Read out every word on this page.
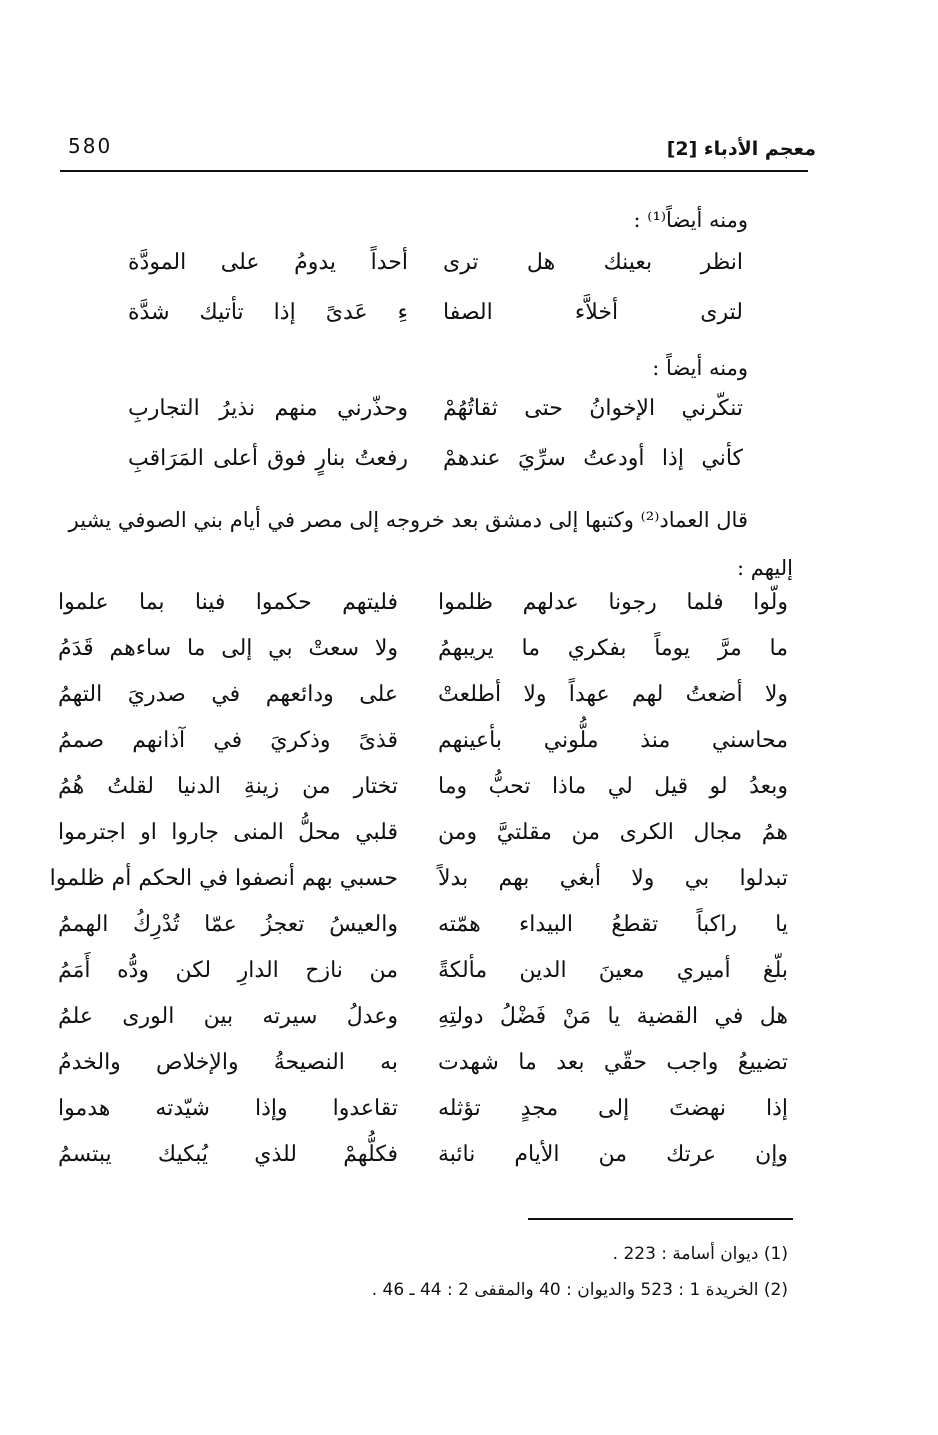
580	معجم الأدباء [2]
ومنه أيضاً⁽¹⁾ :
انظر بعينك هل ترى
أحداً يدومُ على المودَّة
لترى أخلاَّء الصفا
ءِ عَدىً إذا تأتيك شدَّة
ومنه أيضاً :
تنكّرني الإخوانُ حتى ثقاتُهُمْ
وحذّرني منهم نذيرُ التجاربِ
كأني إذا أودعتُ سرِّيَ عندهمْ
رفعتُ بنارٍ فوق أعلى المَرَاقبِ
قال العماد⁽²⁾ وكتبها إلى دمشق بعد خروجه إلى مصر في أيام بني الصوفي يشير
إليهم :
ولّوا فلما رجونا عدلهم ظلموا
فليتهم حكموا فينا بما علموا
ما مرَّ يوماً بفكري ما يريبهمُ
ولا سعتْ بي إلى ما ساءهم قَدَمُ
ولا أضعتُ لهم عهداً ولا أطلعتْ
على ودائعهم في صدريَ التهمُ
محاسني منذ ملُّوني بأعينهم
قذىً وذكريَ في آذانهم صممُ
وبعدُ لو قيل لي ماذا تحبُّ وما
تختار من زينةِ الدنيا لقلتُ هُمُ
همُ مجال الكرى من مقلتيَّ ومن
قلبي محلُّ المنى جاروا او اجترموا
تبدلوا بي ولا أبغي بهم بدلاً
حسبي بهم أنصفوا في الحكم أم ظلموا
يا راكباً تقطعُ البيداء همّته
والعيسُ تعجزُ عمّا تُدْرِكُ الهممُ
بلّغ أميري معينَ الدين مألكةً
من نازح الدارِ لكن ودُّه أَمَمُ
هل في القضية يا مَنْ فَضْلُ دولتِهِ
وعدلُ سيرته بين الورى علمُ
تضييعُ واجب حقّي بعد ما شهدت
به النصيحةُ والإخلاص والخدمُ
إذا نهضتَ إلى مجدٍ تؤثله
تقاعدوا وإذا شيّدته هدموا
وإن عرتك من الأيام نائبة
فكلُّهمْ للذي يُبكيك يبتسمُ
(1) ديوان أسامة : 223 .
(2) الخريدة 1 : 523 والديوان : 40 والمقفى 2 : 44 ـ 46 .
